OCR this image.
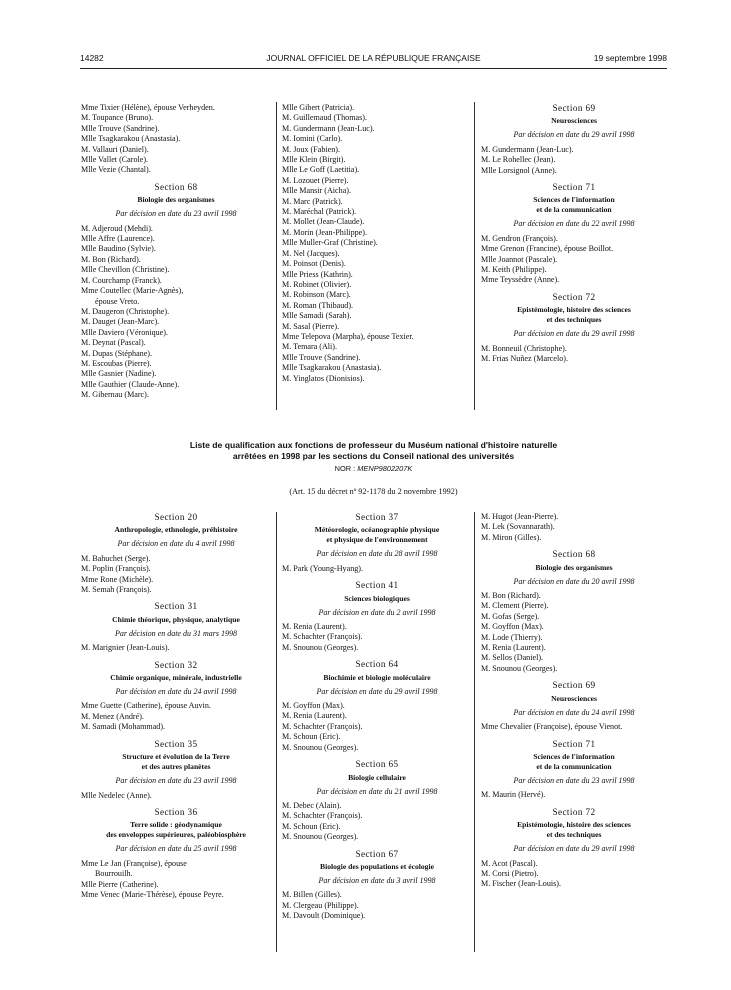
14282	JOURNAL OFFICIEL DE LA RÉPUBLIQUE FRANÇAISE	19 septembre 1998
Mme Tixier (Hélène), épouse Verheyden.
M. Toupance (Bruno).
Mlle Trouve (Sandrine).
Mlle Tsagkarakou (Anastasia).
M. Vallauri (Daniel).
Mlle Vallet (Carole).
Mlle Vezie (Chantal).
Section 68
Biologie des organismes
Par décision en date du 23 avril 1998
M. Adjeroud (Mehdi).
Mlle Affre (Laurence).
Mlle Baudino (Sylvie).
M. Bon (Richard).
Mlle Chevillon (Christine).
M. Courchamp (Franck).
Mme Coutellec (Marie-Agnès),
épouse Vreto.
M. Daugeron (Christophe).
M. Dauget (Jean-Marc).
Mlle Daviero (Véronique).
M. Deynat (Pascal).
M. Dupas (Stéphane).
M. Escoubas (Pierre).
Mlle Gasnier (Nadine).
Mlle Gauthier (Claude-Anne).
M. Gibernau (Marc).
Mlle Gibert (Patricia).
M. Guillemaud (Thomas).
M. Gundermann (Jean-Luc).
M. Iomini (Carlo).
M. Joux (Fabien).
Mlle Klein (Birgit).
Mlle Le Goff (Laetitia).
M. Lozouet (Pierre).
Mlle Mansir (Aicha).
M. Marc (Patrick).
M. Maréchal (Patrick).
M. Mollet (Jean-Claude).
M. Morin (Jean-Philippe).
Mlle Muller-Graf (Christine).
M. Nel (Jacques).
M. Poinsot (Denis).
Mlle Priess (Kathrin).
M. Robinet (Olivier).
M. Robinson (Marc).
M. Roman (Thibaud).
Mlle Samadi (Sarah).
M. Sasal (Pierre).
Mme Telepova (Marpha), épouse Texier.
M. Temara (Ali).
Mlle Trouve (Sandrine).
Mlle Tsagkarakou (Anastasia).
M. Yinglatos (Dionisios).
Section 69
Neurosciences
Par décision en date du 29 avril 1998
M. Gundermann (Jean-Luc).
M. Le Rohellec (Jean).
Mlle Lorsignol (Anne).
Section 71
Sciences de l'information
et de la communication
Par décision en date du 22 avril 1998
M. Gendron (François).
Mme Grenon (Francine), épouse Boillot.
Mlle Joannot (Pascale).
M. Keith (Philippe).
Mme Teyssèdre (Anne).
Section 72
Epistémologie, histoire des sciences
et des techniques
Par décision en date du 29 avril 1998
M. Bonneuil (Christophe).
M. Frias Nuñez (Marcelo).
Liste de qualification aux fonctions de professeur du Muséum national d'histoire naturelle
arrêtées en 1998 par les sections du Conseil national des universités
NOR : MENP9802207K
(Art. 15 du décret nº 92-1178 du 2 novembre 1992)
Section 20
Anthropologie, ethnologie, préhistoire
Par décision en date du 4 avril 1998
M. Bahuchet (Serge).
M. Poplin (François).
Mme Rone (Michèle).
M. Semah (François).
Section 31
Chimie théorique, physique, analytique
Par décision en date du 31 mars 1998
M. Marignier (Jean-Louis).
Section 32
Chimie organique, minérale, industrielle
Par décision en date du 24 avril 1998
Mme Guette (Catherine), épouse Auvin.
M. Menez (André).
M. Samadi (Mohammad).
Section 35
Structure et évolution de la Terre
et des autres planètes
Par décision en date du 23 avril 1998
Mlle Nedelec (Anne).
Section 36
Terre solide : géodynamique
des enveloppes supérieures, paléobiosphère
Par décision en date du 25 avril 1998
Mme Le Jan (Françoise), épouse
Bourrouilh.
Mlle Pierre (Catherine).
Mme Venec (Marie-Thérèse), épouse Peyre.
Section 37
Météorologie, océanographie physique
et physique de l'environnement
Par décision en date du 28 avril 1998
M. Park (Young-Hyang).
Section 41
Sciences biologiques
Par décision en date du 2 avril 1998
M. Renia (Laurent).
M. Schachter (François).
M. Snounou (Georges).
Section 64
Biochimie et biologie moléculaire
Par décision en date du 29 avril 1998
M. Goyffon (Max).
M. Renia (Laurent).
M. Schachter (François).
M. Schoun (Eric).
M. Snounou (Georges).
Section 65
Biologie cellulaire
Par décision en date du 21 avril 1998
M. Debec (Alain).
M. Schachter (François).
M. Schoun (Eric).
M. Snounou (Georges).
Section 67
Biologie des populations et écologie
Par décision en date du 3 avril 1998
M. Billen (Gilles).
M. Clergeau (Philippe).
M. Davoult (Dominique).
M. Hugot (Jean-Pierre).
M. Lek (Sovannarath).
M. Miron (Gilles).
Section 68
Biologie des organismes
Par décision en date du 20 avril 1998
M. Bon (Richard).
M. Clement (Pierre).
M. Gofas (Serge).
M. Goyffon (Max).
M. Lode (Thierry).
M. Renia (Laurent).
M. Sellos (Daniel).
M. Snounou (Georges).
Section 69
Neurosciences
Par décision en date du 24 avril 1998
Mme Chevalier (Françoise), épouse Vienot.
Section 71
Sciences de l'information
et de la communication
Par décision en date du 23 avril 1998
M. Maurin (Hervé).
Section 72
Epistémologie, histoire des sciences
et des techniques
Par décision en date du 29 avril 1998
M. Acot (Pascal).
M. Corsi (Pietro).
M. Fischer (Jean-Louis).
